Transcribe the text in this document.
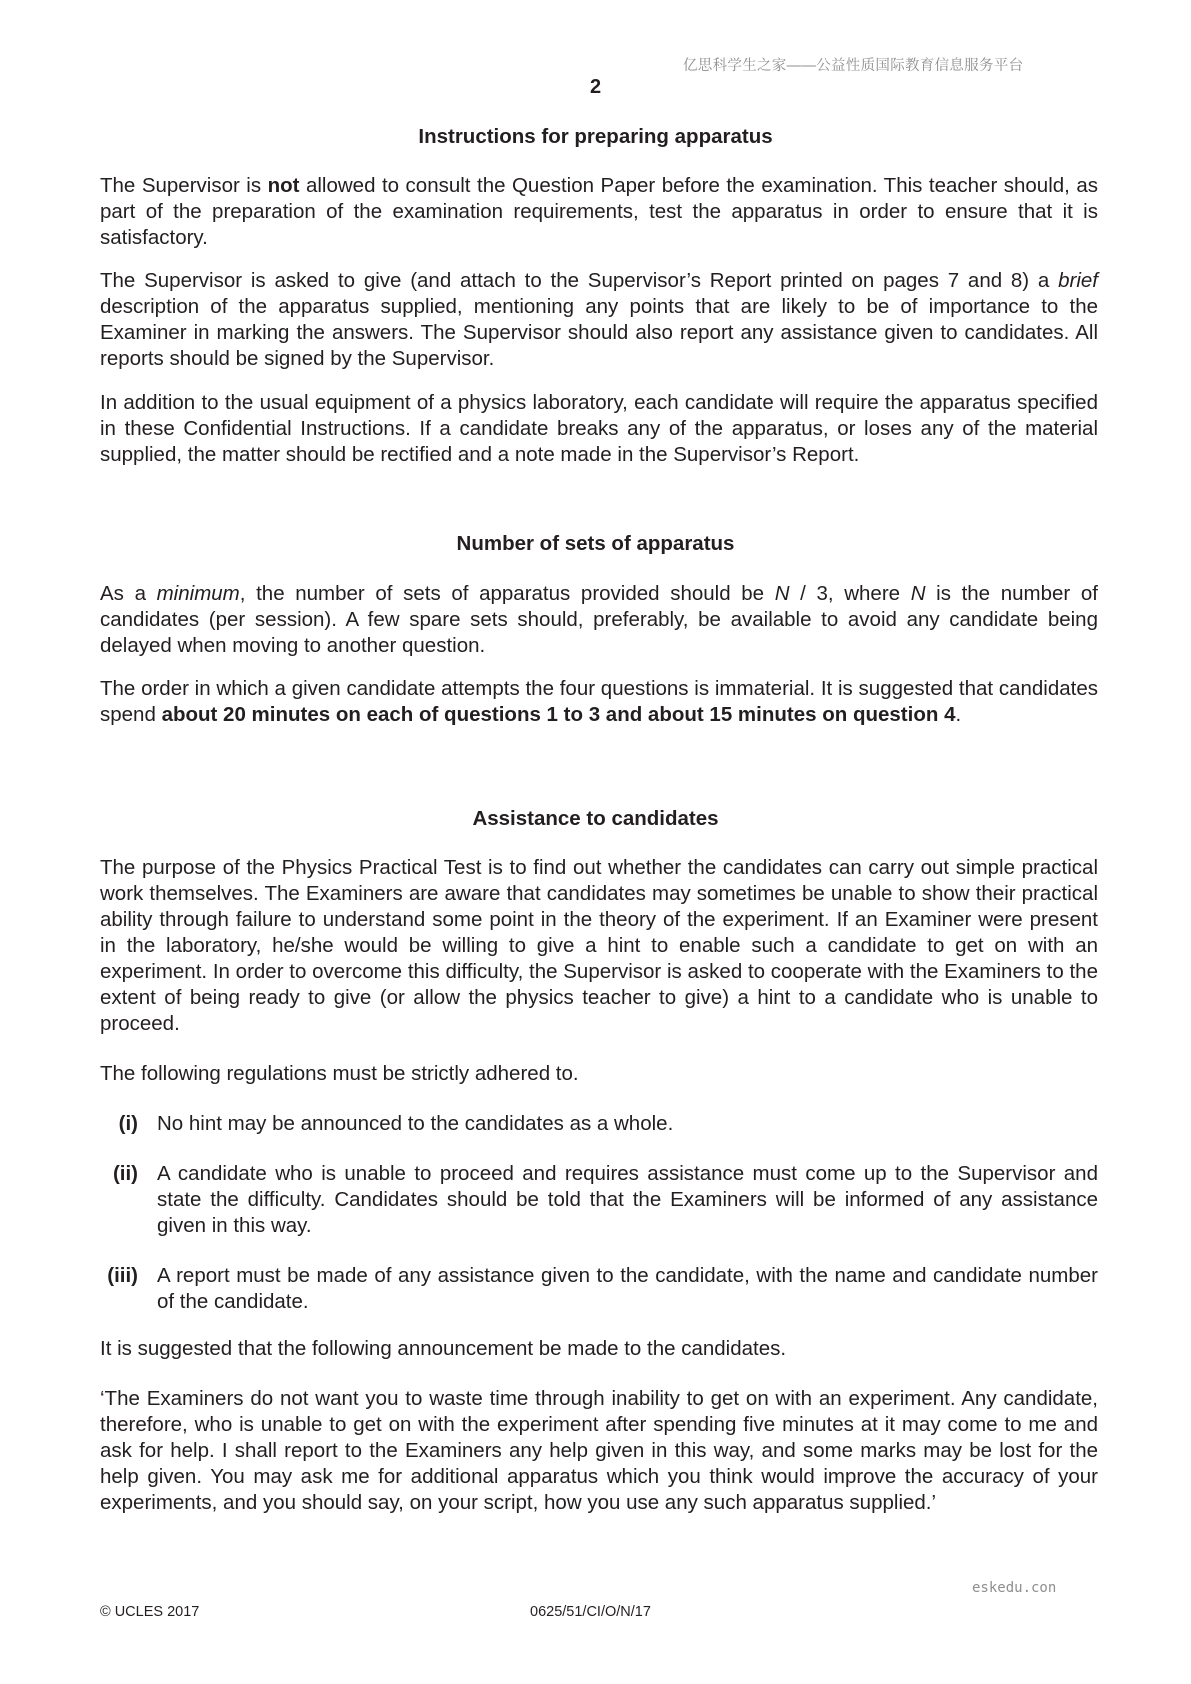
亿思科学生之家——公益性质国际教育信息服务平台
2
Instructions for preparing apparatus
The Supervisor is not allowed to consult the Question Paper before the examination. This teacher should, as part of the preparation of the examination requirements, test the apparatus in order to ensure that it is satisfactory.
The Supervisor is asked to give (and attach to the Supervisor’s Report printed on pages 7 and 8) a brief description of the apparatus supplied, mentioning any points that are likely to be of importance to the Examiner in marking the answers. The Supervisor should also report any assistance given to candidates. All reports should be signed by the Supervisor.
In addition to the usual equipment of a physics laboratory, each candidate will require the apparatus specified in these Confidential Instructions. If a candidate breaks any of the apparatus, or loses any of the material supplied, the matter should be rectified and a note made in the Supervisor’s Report.
Number of sets of apparatus
As a minimum, the number of sets of apparatus provided should be N / 3, where N is the number of candidates (per session). A few spare sets should, preferably, be available to avoid any candidate being delayed when moving to another question.
The order in which a given candidate attempts the four questions is immaterial. It is suggested that candidates spend about 20 minutes on each of questions 1 to 3 and about 15 minutes on question 4.
Assistance to candidates
The purpose of the Physics Practical Test is to find out whether the candidates can carry out simple practical work themselves. The Examiners are aware that candidates may sometimes be unable to show their practical ability through failure to understand some point in the theory of the experiment. If an Examiner were present in the laboratory, he/she would be willing to give a hint to enable such a candidate to get on with an experiment. In order to overcome this difficulty, the Supervisor is asked to cooperate with the Examiners to the extent of being ready to give (or allow the physics teacher to give) a hint to a candidate who is unable to proceed.
The following regulations must be strictly adhered to.
(i) No hint may be announced to the candidates as a whole.
(ii) A candidate who is unable to proceed and requires assistance must come up to the Supervisor and state the difficulty. Candidates should be told that the Examiners will be informed of any assistance given in this way.
(iii) A report must be made of any assistance given to the candidate, with the name and candidate number of the candidate.
It is suggested that the following announcement be made to the candidates.
‘The Examiners do not want you to waste time through inability to get on with an experiment. Any candidate, therefore, who is unable to get on with the experiment after spending five minutes at it may come to me and ask for help. I shall report to the Examiners any help given in this way, and some marks may be lost for the help given. You may ask me for additional apparatus which you think would improve the accuracy of your experiments, and you should say, on your script, how you use any such apparatus supplied.’
eskedu.con
© UCLES 2017	0625/51/CI/O/N/17
